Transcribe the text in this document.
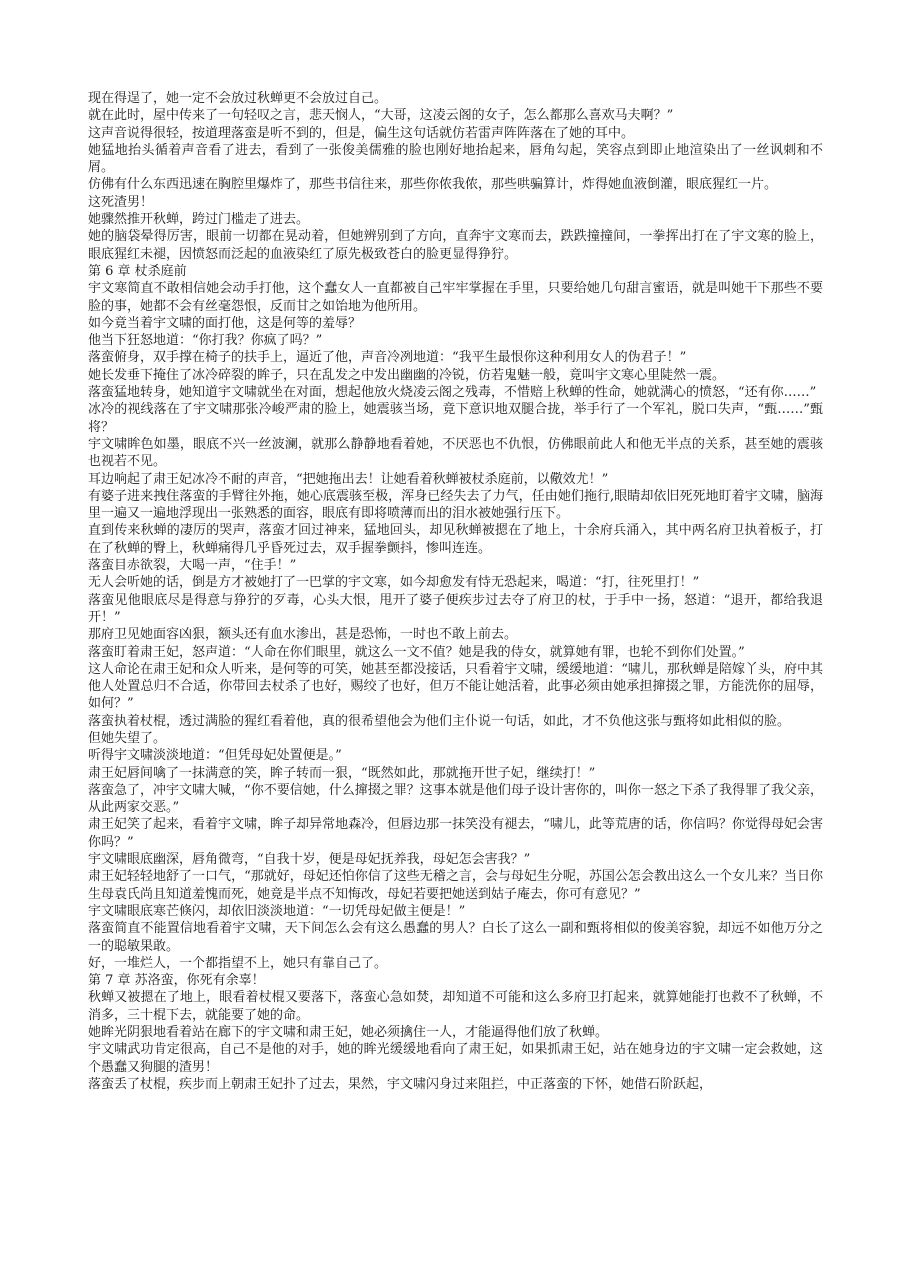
现在得逞了，她一定不会放过秋蝉更不会放过自己。

就在此时，屋中传来了一句轻叹之言，悲天悯人，“大哥，这凌云阁的女子，怎么都那么喜欢马夫啊？”

这声音说得很轻，按道理落蛮是听不到的，但是，偏生这句话就仿若雷声阵阵落在了她的耳中。

她猛地抬头循着声音看了进去，看到了一张俊美儒雅的脸也刚好地抬起来，唇角勾起，笑容点到即止地渲染出了一丝讽刺和不屑。

仿佛有什么东西迅速在胸腔里爆炸了，那些书信往来，那些你侬我侬，那些哄骗算计，炸得她血液倒灌，眼底猩红一片。

这死渣男！

她骤然推开秋蝉，跨过门槛走了进去。

她的脑袋晕得厉害，眼前一切都在晃动着，但她辨别到了方向，直奔宇文寒而去，跌跌撞撞间，一拳挥出打在了宇文寒的脸上，眼底猩红未褪，因愤怒而泛起的血液染红了原先极致苍白的脸更显得狰狞。

第 6 章 杖杀庭前

宇文寒简直不敢相信她会动手打他，这个蠢女人一直都被自己牢牢掌握在手里，只要给她几句甜言蜜语，就是叫她干下那些不要脸的事，她都不会有丝毫怨恨，反而甘之如饴地为他所用。

如今竟当着宇文啸的面打他，这是何等的羞辱？

他当下狂怒地道：“你打我？你疯了吗？”

落蛮俯身，双手撑在椅子的扶手上，逼近了他，声音冷冽地道：“我平生最恨你这种利用女人的伪君子！”

她长发垂下掩住了冰冷碎裂的眸子，只在乱发之中发出幽幽的冷锐，仿若鬼魅一般，竟叫宇文寒心里陡然一震。

落蛮猛地转身，她知道宇文啸就坐在对面，想起他放火烧凌云阁之残毒，不惜赔上秋蝉的性命，她就满心的愤怒，“还有你……”

冰冷的视线落在了宇文啸那张冷峻严肃的脸上，她震骇当场，竟下意识地双腿合拢，举手行了一个军礼，脱口失声，“甄……”甄将？

宇文啸眸色如墨，眼底不兴一丝波澜，就那么静静地看着她，不厌恶也不仇恨，仿佛眼前此人和他无半点的关系，甚至她的震骇也视若不见。

耳边响起了肃王妃冰冷不耐的声音，“把她拖出去！让她看着秋蝉被杖杀庭前，以儆效尤！”

有婆子进来拽住落蛮的手臂往外拖，她心底震骇至极，浑身已经失去了力气，任由她们拖行,眼睛却依旧死死地盯着宇文啸，脑海里一遍又一遍地浮现出一张熟悉的面容，眼底有即将喷薄而出的泪水被她强行压下。

直到传来秋蝉的凄厉的哭声，落蛮才回过神来，猛地回头，却见秋蝉被摁在了地上，十余府兵涌入，其中两名府卫执着板子，打在了秋蝉的臀上，秋蝉痛得几乎昏死过去，双手握拳颤抖，惨叫连连。

落蛮目赤欲裂，大喝一声，“住手！”

无人会听她的话，倒是方才被她打了一巴掌的宇文寒，如今却愈发有恃无恐起来，喝道：“打，往死里打！”

落蛮见他眼底尽是得意与狰狞的歹毒，心头大恨，甩开了婆子便疾步过去夺了府卫的杖，于手中一扬，怒道：“退开，都给我退开！”

那府卫见她面容凶狠，额头还有血水渗出，甚是恐怖，一时也不敢上前去。

落蛮盯着肃王妃，怒声道：“人命在你们眼里，就这么一文不值？她是我的侍女，就算她有罪，也轮不到你们处置。”

这人命论在肃王妃和众人听来，是何等的可笑，她甚至都没接话，只看着宇文啸，缓缓地道：“啸儿，那秋蝉是陪嫁丫头，府中其他人处置总归不合适，你带回去杖杀了也好，赐绞了也好，但万不能让她活着，此事必须由她承担撺掇之罪，方能洗你的屈辱，如何？”

落蛮执着杖棍，透过满脸的猩红看着他，真的很希望他会为他们主仆说一句话，如此，才不负他这张与甄将如此相似的脸。

但她失望了。

听得宇文啸淡淡地道：“但凭母妃处置便是。”

肃王妃唇间噙了一抹满意的笑，眸子转而一狠，“既然如此，那就拖开世子妃，继续打！”

落蛮急了，冲宇文啸大喊，“你不要信她，什么撺掇之罪？这事本就是他们母子设计害你的，叫你一怒之下杀了我得罪了我父亲，从此两家交恶。”

肃王妃笑了起来，看着宇文啸，眸子却异常地森冷，但唇边那一抹笑没有褪去，“啸儿，此等荒唐的话，你信吗？你觉得母妃会害你吗？”

宇文啸眼底幽深，唇角微弯，“自我十岁，便是母妃抚养我，母妃怎会害我？”

肃王妃轻轻地舒了一口气，“那就好，母妃还怕你信了这些无稽之言，会与母妃生分呢，苏国公怎会教出这么一个女儿来？当日你生母袁氏尚且知道羞愧而死，她竟是半点不知悔改，母妃若要把她送到姑子庵去，你可有意见？”

宇文啸眼底寒芒倏闪，却依旧淡淡地道：“一切凭母妃做主便是！”

落蛮简直不能置信地看着宇文啸，天下间怎么会有这么愚蠢的男人？白长了这么一副和甄将相似的俊美容貌，却远不如他万分之一的聪敏果敢。

好，一堆烂人，一个都指望不上，她只有靠自己了。

第 7 章 苏洛蛮，你死有余辜！

秋蝉又被摁在了地上，眼看着杖棍又要落下，落蛮心急如焚，却知道不可能和这么多府卫打起来，就算她能打也救不了秋蝉，不消多，三十棍下去，就能要了她的命。

她眸光阴狠地看着站在廊下的宇文啸和肃王妃，她必须擒住一人，才能逼得他们放了秋蝉。

宇文啸武功肯定很高，自己不是他的对手，她的眸光缓缓地看向了肃王妃，如果抓肃王妃，站在她身边的宇文啸一定会救她，这个愚蠢又狗腿的渣男！

落蛮丢了杖棍，疾步而上朝肃王妃扑了过去，果然，宇文啸闪身过来阻拦，中正落蛮的下怀，她借石阶跃起，
